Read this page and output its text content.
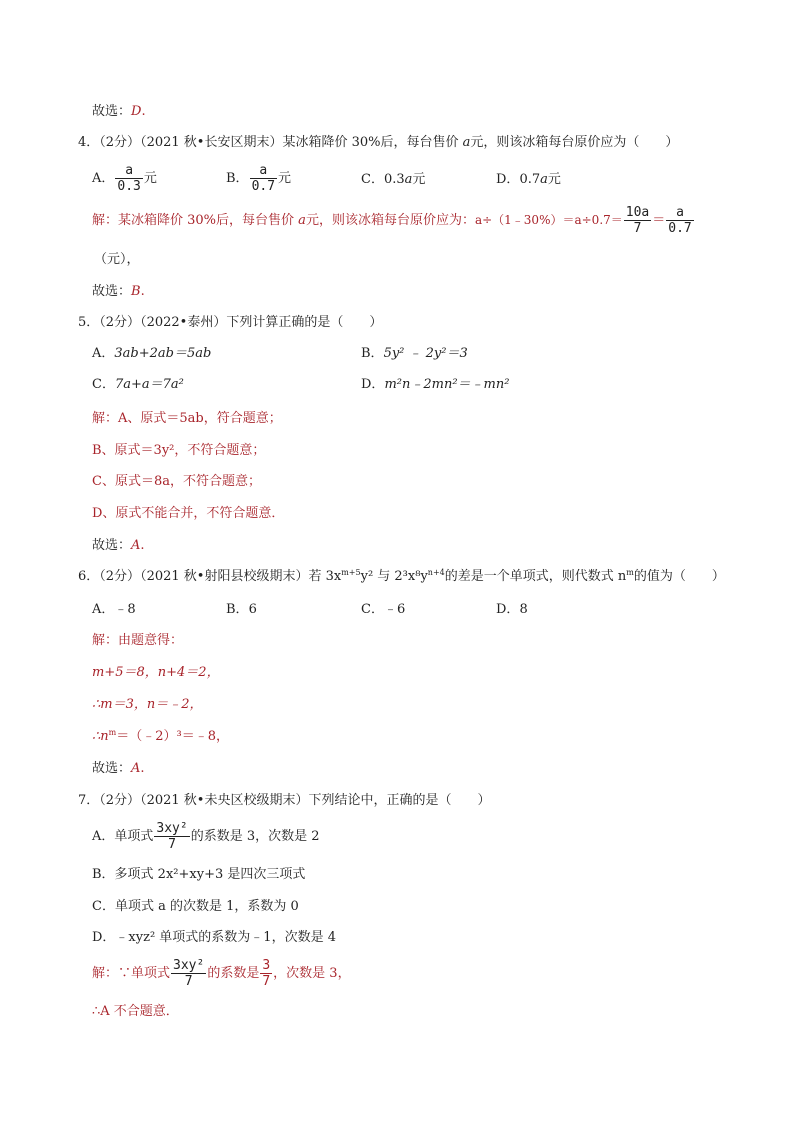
故选：D.
4．（2分）（2021 秋•长安区期末）某冰箱降价 30%后，每台售价 a元，则该冰箱每台原价应为（　　）
A． $\frac{a}{0.3}$ 元	B． $\frac{a}{0.7}$ 元	C．0.3a元	D．0.7a元
解：某冰箱降价 30%后，每台售价 a元，则该冰箱每台原价应为：a÷（1﹣30%）＝a÷0.7＝ $\frac{10a}{7} = \frac{a}{0.7}$
（元），
故选：B.
5．（2分）（2022•泰州）下列计算正确的是（　　）
A．3ab+2ab＝5ab	B．5y² ﹣ 2y²＝3
C．7a+a＝7a²	D．m²n﹣2mn²＝﹣mn²
解：A、原式＝5ab，符合题意；
B、原式＝3y²，不符合题意；
C、原式＝8a，不符合题意；
D、原式不能合并，不符合题意．
故选：A.
6．（2分）（2021 秋•射阳县校级期末）若 $3x^{m+5}y^2$ 与 $2^3x^8y^{n+4}$的差是一个单项式，则代数式 $n^m$的值为（　　）
A．﹣8	B．6	C．﹣6	D．8
解：由题意得：
m+5＝8，n+4＝2，
∴m＝3，n＝﹣2，
$\therefore n^m=(﹣2)^3=﹣8$，
故选：A.
7．（2分）（2021 秋•未央区校级期末）下列结论中，正确的是（　　）
A．单项式 $\frac{\text{3xy²}}{7}$ 的系数是 3，次数是 2
B．多项式 2x²+xy+3 是四次三项式
C．单项式 a 的次数是 1，系数为 0
D．﹣xyz² 单项式的系数为﹣1，次数是 4
解：∵单项式 $\frac{\text{3xy²}}{7}$ 的系数是 $\frac{3}{7}$ ，次数是 3，
∴A 不合题意．
